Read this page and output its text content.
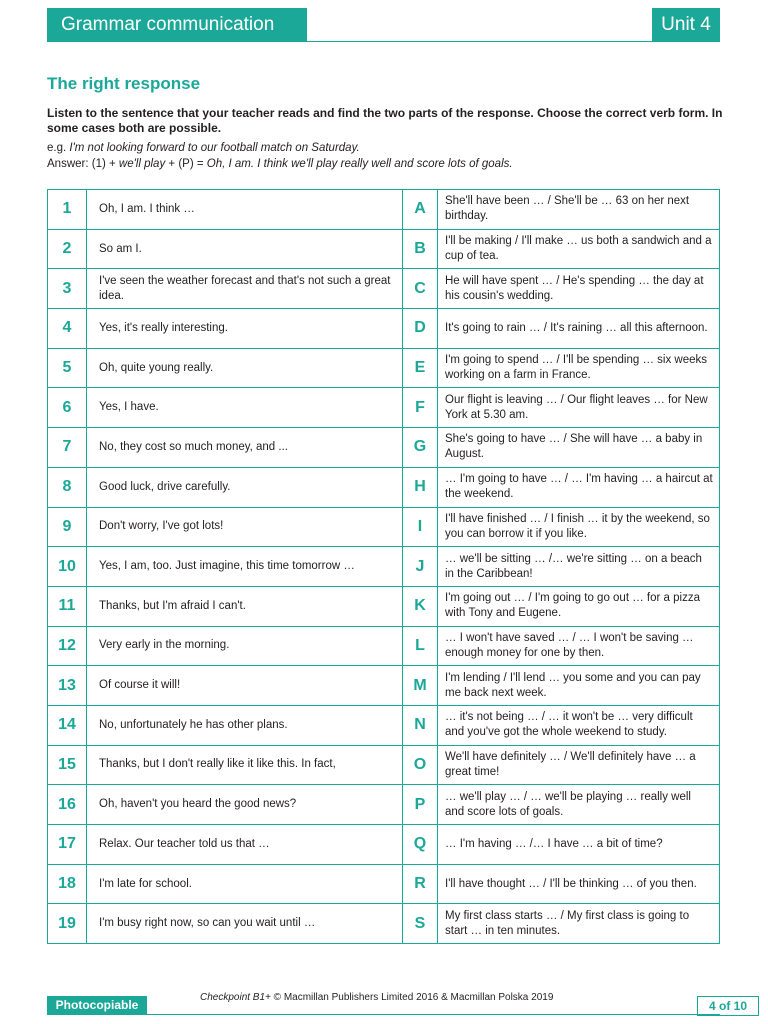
Grammar communication	Unit 4
The right response
Listen to the sentence that your teacher reads and find the two parts of the response. Choose the correct verb form. In some cases both are possible.
e.g. I'm not looking forward to our football match on Saturday.
Answer: (1) + we'll play + (P) = Oh, I am. I think we'll play really well and score lots of goals.
1	Oh, I am. I think …	A	She'll have been … / She'll be … 63 on her next birthday.
2	So am I.	B	I'll be making / I'll make … us both a sandwich and a cup of tea.
3	I've seen the weather forecast and that's not such a great idea.	C	He will have spent … / He's spending … the day at his cousin's wedding.
4	Yes, it's really interesting.	D	It's going to rain … / It's raining … all this afternoon.
5	Oh, quite young really.	E	I'm going to spend … / I'll be spending … six weeks working on a farm in France.
6	Yes, I have.	F	Our flight is leaving … / Our flight leaves … for New York at 5.30 am.
7	No, they cost so much money, and ...	G	She's going to have … / She will have … a baby in August.
8	Good luck, drive carefully.	H	… I'm going to have … / … I'm having … a haircut at the weekend.
9	Don't worry, I've got lots!	I	I'll have finished … / I finish … it by the weekend, so you can borrow it if you like.
10	Yes, I am, too. Just imagine, this time tomorrow …	J	… we'll be sitting … /… we're sitting … on a beach in the Caribbean!
11	Thanks, but I'm afraid I can't.	K	I'm going out … / I'm going to go out … for a pizza with Tony and Eugene.
12	Very early in the morning.	L	… I won't have saved … / … I won't be saving … enough money for one by then.
13	Of course it will!	M	I'm lending / I'll lend … you some and you can pay me back next week.
14	No, unfortunately he has other plans.	N	… it's not being … / … it won't be … very difficult and you've got the whole weekend to study.
15	Thanks, but I don't really like it like this. In fact,	O	We'll have definitely … / We'll definitely have … a great time!
16	Oh, haven't you heard the good news?	P	… we'll play … / … we'll be playing … really well and score lots of goals.
17	Relax. Our teacher told us that …	Q	… I'm having … /… I have … a bit of time?
18	I'm late for school.	R	I'll have thought … / I'll be thinking … of you then.
19	I'm busy right now, so can you wait until …	S	My first class starts … / My first class is going to start … in ten minutes.
Photocopiable
Checkpoint B1+ © Macmillan Publishers Limited 2016 & Macmillan Polska 2019
4 of 10
